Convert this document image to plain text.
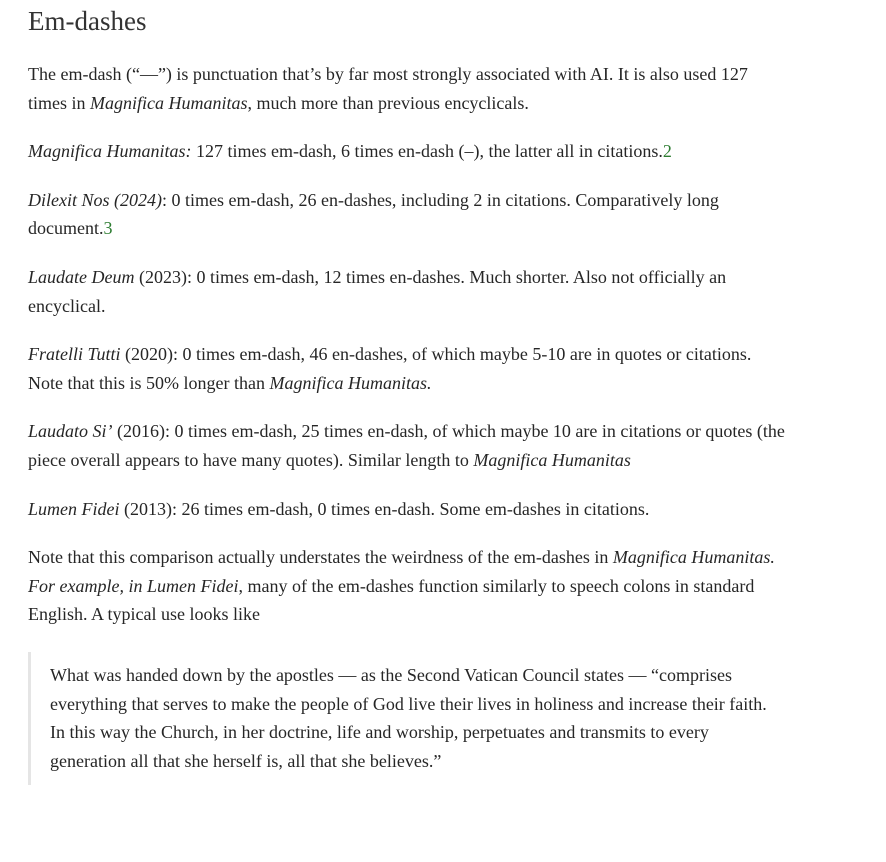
Em-dashes

The em-dash (“—”) is punctuation that’s by far most strongly associated with AI. It is also used 127 times in Magnifica Humanitas, much more than previous encyclicals.

Magnifica Humanitas: 127 times em-dash, 6 times en-dash (–), the latter all in citations.2

Dilexit Nos (2024): 0 times em-dash, 26 en-dashes, including 2 in citations. Comparatively long document.3

Laudate Deum (2023): 0 times em-dash, 12 times en-dashes. Much shorter. Also not officially an encyclical.

Fratelli Tutti (2020): 0 times em-dash, 46 en-dashes, of which maybe 5-10 are in quotes or citations. Note that this is 50% longer than Magnifica Humanitas.

Laudato Si’ (2016): 0 times em-dash, 25 times en-dash, of which maybe 10 are in citations or quotes (the piece overall appears to have many quotes). Similar length to Magnifica Humanitas

Lumen Fidei (2013): 26 times em-dash, 0 times en-dash. Some em-dashes in citations.

Note that this comparison actually understates the weirdness of the em-dashes in Magnifica Humanitas. For example, in Lumen Fidei, many of the em-dashes function similarly to speech colons in standard English. A typical use looks like

What was handed down by the apostles — as the Second Vatican Council states — “comprises everything that serves to make the people of God live their lives in holiness and increase their faith. In this way the Church, in her doctrine, life and worship, perpetuates and transmits to every generation all that she herself is, all that she believes.”
